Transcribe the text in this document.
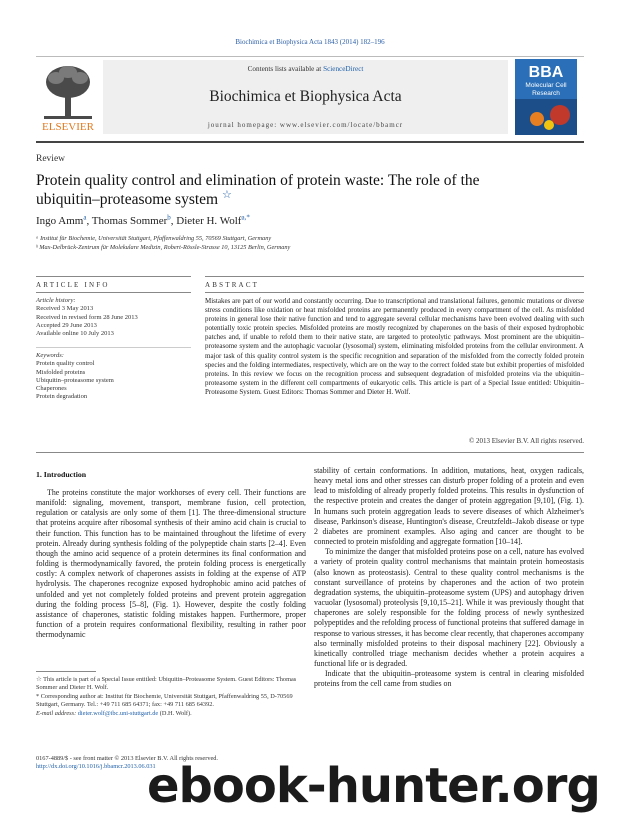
Biochimica et Biophysica Acta 1843 (2014) 182–196
ELSEVIER
Contents lists available at ScienceDirect
Biochimica et Biophysica Acta
journal homepage: www.elsevier.com/locate/bbamcr
BBA
Molecular Cell
Research
Review
Protein quality control and elimination of protein waste: The role of the
ubiquitin–proteasome system ☆
Ingo Amm$^a$, Thomas Sommer$^b$, Dieter H. Wolf$^{a,*}$
ᵃ Institut für Biochemie, Universität Stuttgart, Pfaffenwaldring 55, 70569 Stuttgart, Germany
ᵇ Max-Delbrück-Zentrum für Molekulare Medizin, Robert-Rössle-Strasse 10, 13125 Berlin, Germany
ARTICLE INFO	ABSTRACT
Article history:
Received 3 May 2013
Received in revised form 28 June 2013
Accepted 29 June 2013
Available online 10 July 2013
Keywords:
Protein quality control
Misfolded proteins
Ubiquitin–proteasome system
Chaperones
Protein degradation
Mistakes are part of our world and constantly occurring. Due to transcriptional and translational failures, genomic mutations or diverse stress conditions like oxidation or heat misfolded proteins are permanently produced in every compartment of the cell. As misfolded proteins in general lose their native function and tend to aggregate several cellular mechanisms have been evolved dealing with such potentially toxic protein species. Misfolded proteins are mostly recognized by chaperones on the basis of their exposed hydrophobic patches and, if unable to refold them to their native state, are targeted to proteolytic pathways. Most prominent are the ubiquitin–proteasome system and the autophagic vacuolar (lysosomal) system, eliminating misfolded proteins from the cellular environment. A major task of this quality control system is the specific recognition and separation of the misfolded from the correctly folded protein species and the folding intermediates, respectively, which are on the way to the correct folded state but exhibit properties of misfolded proteins. In this review we focus on the recognition process and subsequent degradation of misfolded proteins via the ubiquitin–proteasome system in the different cell compartments of eukaryotic cells. This article is part of a Special Issue entitled: Ubiquitin–Proteasome System. Guest Editors: Thomas Sommer and Dieter H. Wolf.
© 2013 Elsevier B.V. All rights reserved.
1. Introduction

The proteins constitute the major workhorses of every cell. Their functions are manifold: signaling, movement, transport, membrane fusion, cell protection, regulation or catalysis are only some of them [1]. The three-dimensional structure that proteins acquire after ribosomal synthesis of their amino acid chain is crucial to their function. This function has to be maintained throughout the lifetime of every protein. Already during synthesis folding of the polypeptide chain starts [2–4]. Even though the amino acid sequence of a protein determines its final conformation and folding is thermodynamically favored, the protein folding process is energetically costly: A complex network of chaperones assists in folding at the expense of ATP hydrolysis. The chaperones recognize exposed hydrophobic amino acid patches of unfolded and yet not completely folded proteins and prevent protein aggregation during the folding process [5–8], (Fig. 1). However, despite the costly folding assistance of chaperones, statistic folding mistakes happen. Furthermore, proper function of a protein requires conformational flexibility, resulting in rather poor thermodynamic

stability of certain conformations. In addition, mutations, heat, oxygen radicals, heavy metal ions and other stresses can disturb proper folding of a protein and even lead to misfolding of already properly folded proteins. This results in dysfunction of the respective protein and creates the danger of protein aggregation [9,10], (Fig. 1). In humans such protein aggregation leads to severe diseases of which Alzheimer's disease, Parkinson's disease, Huntington's disease, Creutzfeldt–Jakob disease or type 2 diabetes are prominent examples. Also aging and cancer are thought to be connected to protein misfolding and aggregate formation [10–14].

To minimize the danger that misfolded proteins pose on a cell, nature has evolved a variety of protein quality control mechanisms that maintain protein homeostasis (also known as proteostasis). Central to these quality control mechanisms is the constant surveillance of proteins by chaperones and the action of two protein degradation systems, the ubiquitin–proteasome system (UPS) and autophagy driven vacuolar (lysosomal) proteolysis [9,10,15–21]. While it was previously thought that chaperones are solely responsible for the folding process of newly synthesized polypeptides and the refolding process of functional proteins that suffered damage in response to various stresses, it has become clear recently, that chaperones accompany also terminally misfolded proteins to their disposal machinery [22]. Obviously a kinetically controlled triage mechanism decides whether a protein acquires a functional life or is degraded.

Indicate that the ubiquitin–proteasome system is central in clearing misfolded proteins from the cell came from studies on

☆ This article is part of a Special Issue entitled: Ubiquitin–Proteasome System. Guest Editors: Thomas Sommer and Dieter H. Wolf.

* Corresponding author at: Institut für Biochemie, Universität Stuttgart, Pfaffenwaldring 55, D-70569 Stuttgart, Germany. Tel.: +49 711 685 64371; fax: +49 711 685 64392.

E-mail address: dieter.wolf@ibc.uni-stuttgart.de (D.H. Wolf).

0167-4889/$ - see front matter © 2013 Elsevier B.V. All rights reserved.
http://dx.doi.org/10.1016/j.bbamcr.2013.06.031
ebook-hunter.org
